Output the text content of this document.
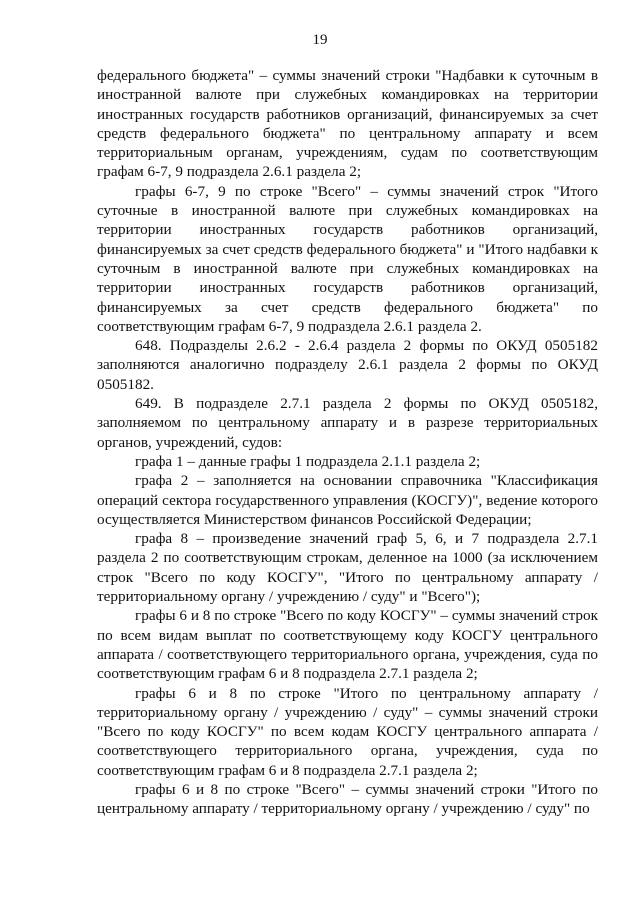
19

федерального бюджета" – суммы значений строки "Надбавки к суточным в иностранной валюте при служебных командировках на территории иностранных государств работников организаций, финансируемых за счет средств федерального бюджета" по центральному аппарату и всем территориальным органам, учреждениям, судам по соответствующим графам 6-7, 9 подраздела 2.6.1 раздела 2;

графы 6-7, 9 по строке "Всего" – суммы значений строк "Итого суточные в иностранной валюте при служебных командировках на территории иностранных государств работников организаций, финансируемых за счет средств федерального бюджета" и "Итого надбавки к суточным в иностранной валюте при служебных командировках на территории иностранных государств работников организаций, финансируемых за счет средств федерального бюджета" по соответствующим графам 6-7, 9 подраздела 2.6.1 раздела 2.

648. Подразделы 2.6.2 - 2.6.4 раздела 2 формы по ОКУД 0505182 заполняются аналогично подразделу 2.6.1 раздела 2 формы по ОКУД 0505182.

649. В подразделе 2.7.1 раздела 2 формы по ОКУД 0505182, заполняемом по центральному аппарату и в разрезе территориальных органов, учреждений, судов:

графа 1 – данные графы 1 подраздела 2.1.1 раздела 2;

графа 2 – заполняется на основании справочника "Классификация операций сектора государственного управления (КОСГУ)", ведение которого осуществляется Министерством финансов Российской Федерации;

графа 8 – произведение значений граф 5, 6, и 7 подраздела 2.7.1 раздела 2 по соответствующим строкам, деленное на 1000 (за исключением строк "Всего по коду КОСГУ", "Итого по центральному аппарату / территориальному органу / учреждению / суду" и "Всего");

графы 6 и 8 по строке "Всего по коду КОСГУ" – суммы значений строк по всем видам выплат по соответствующему коду КОСГУ центрального аппарата / соответствующего территориального органа, учреждения, суда по соответствующим графам 6 и 8 подраздела 2.7.1 раздела 2;

графы 6 и 8 по строке "Итого по центральному аппарату / территориальному органу / учреждению / суду" – суммы значений строки "Всего по коду КОСГУ" по всем кодам КОСГУ центрального аппарата / соответствующего территориального органа, учреждения, суда по соответствующим графам 6 и 8 подраздела 2.7.1 раздела 2;

графы 6 и 8 по строке "Всего" – суммы значений строки "Итого по центральному аппарату / территориальному органу / учреждению / суду" по
